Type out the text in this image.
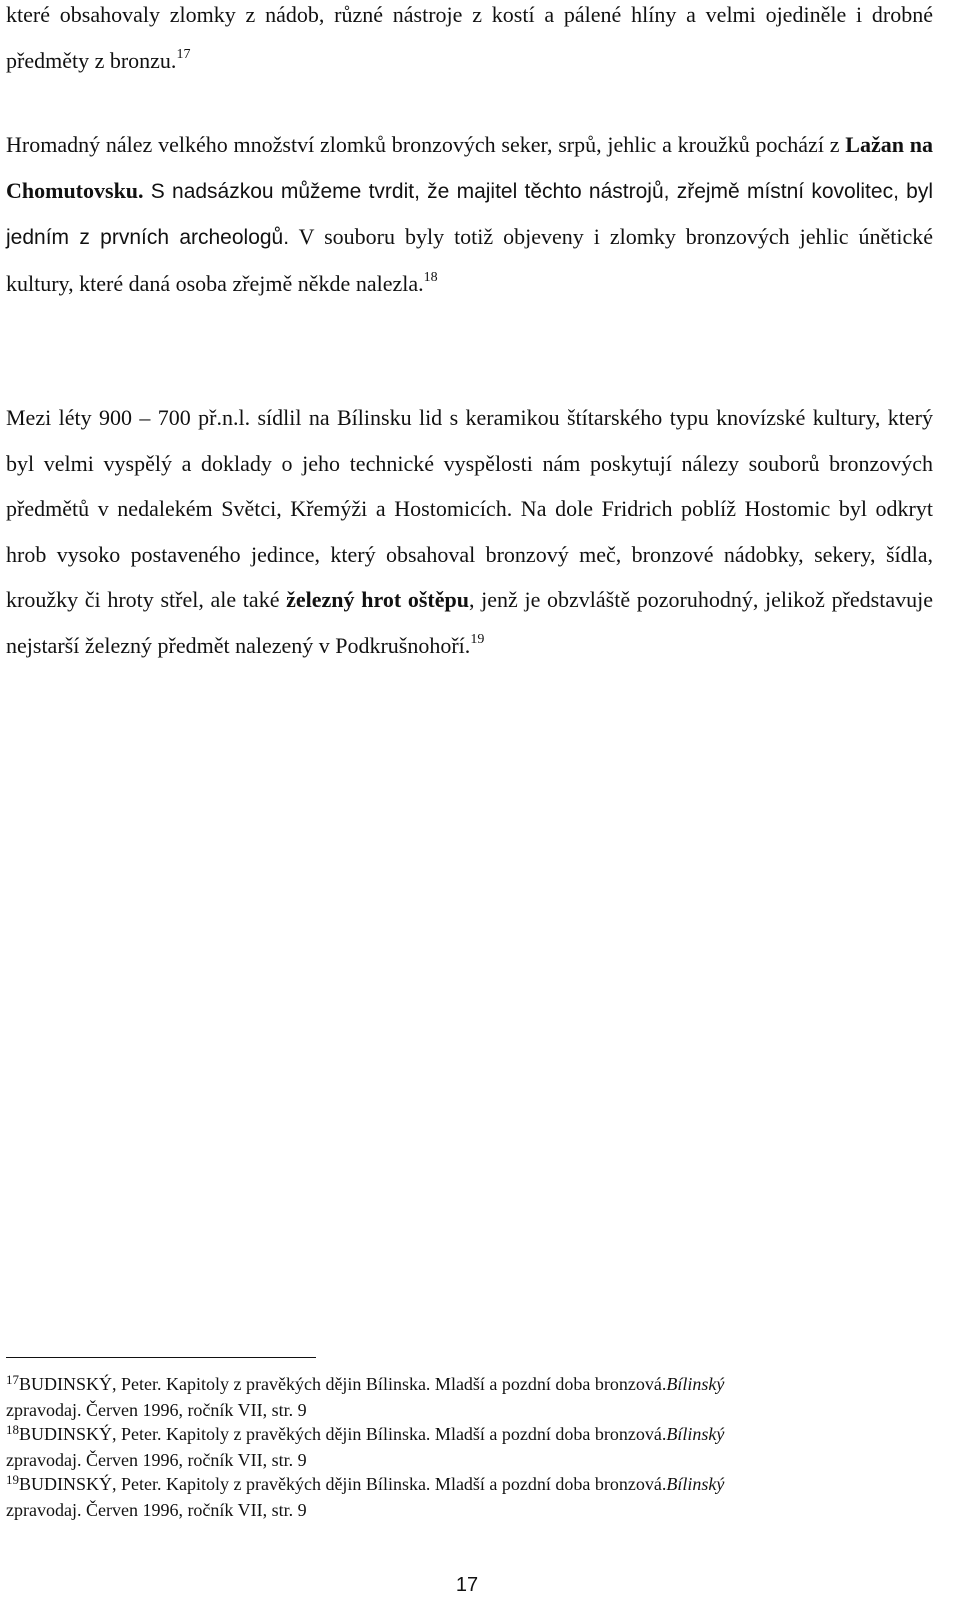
které obsahovaly zlomky z nádob, různé nástroje z kostí a pálené hlíny a velmi ojediněle i drobné předměty z bronzu.$^{17}$

Hromadný nález velkého množství zlomků bronzových seker, srpů, jehlic a kroužků pochází z Lažan na Chomutovsku. S nadsázkou můžeme tvrdit, že majitel těchto nástrojů, zřejmě místní kovolitec, byl jedním z prvních archeologů. V souboru byly totiž objeveny i zlomky bronzových jehlic únětické kultury, které daná osoba zřejmě někde nalezla.$^{18}$

Mezi léty 900 – 700 př.n.l. sídlil na Bílinsku lid s keramikou štítarského typu knovízské kultury, který byl velmi vyspělý a doklady o jeho technické vyspělosti nám poskytují nálezy souborů bronzových předmětů v nedalekém Světci, Křemýži a Hostomicích. Na dole Fridrich poblíž Hostomic byl odkryt hrob vysoko postaveného jedince, který obsahoval bronzový meč, bronzové nádobky, sekery, šídla, kroužky či hroty střel, ale také železný hrot oštěpu, jenž je obzvláště pozoruhodný, jelikož představuje nejstarší železný předmět nalezený v Podkrušnohoří.$^{19}$

$^{17}$BUDINSKÝ, Peter. Kapitoly z pravěkých dějin Bílinska. Mladší a pozdní doba bronzová.Bílinský
zpravodaj. Červen 1996, ročník VII, str. 9

$^{18}$BUDINSKÝ, Peter. Kapitoly z pravěkých dějin Bílinska. Mladší a pozdní doba bronzová.Bílinský
zpravodaj. Červen 1996, ročník VII, str. 9

$^{19}$BUDINSKÝ, Peter. Kapitoly z pravěkých dějin Bílinska. Mladší a pozdní doba bronzová.Bílinský
zpravodaj. Červen 1996, ročník VII, str. 9

17
